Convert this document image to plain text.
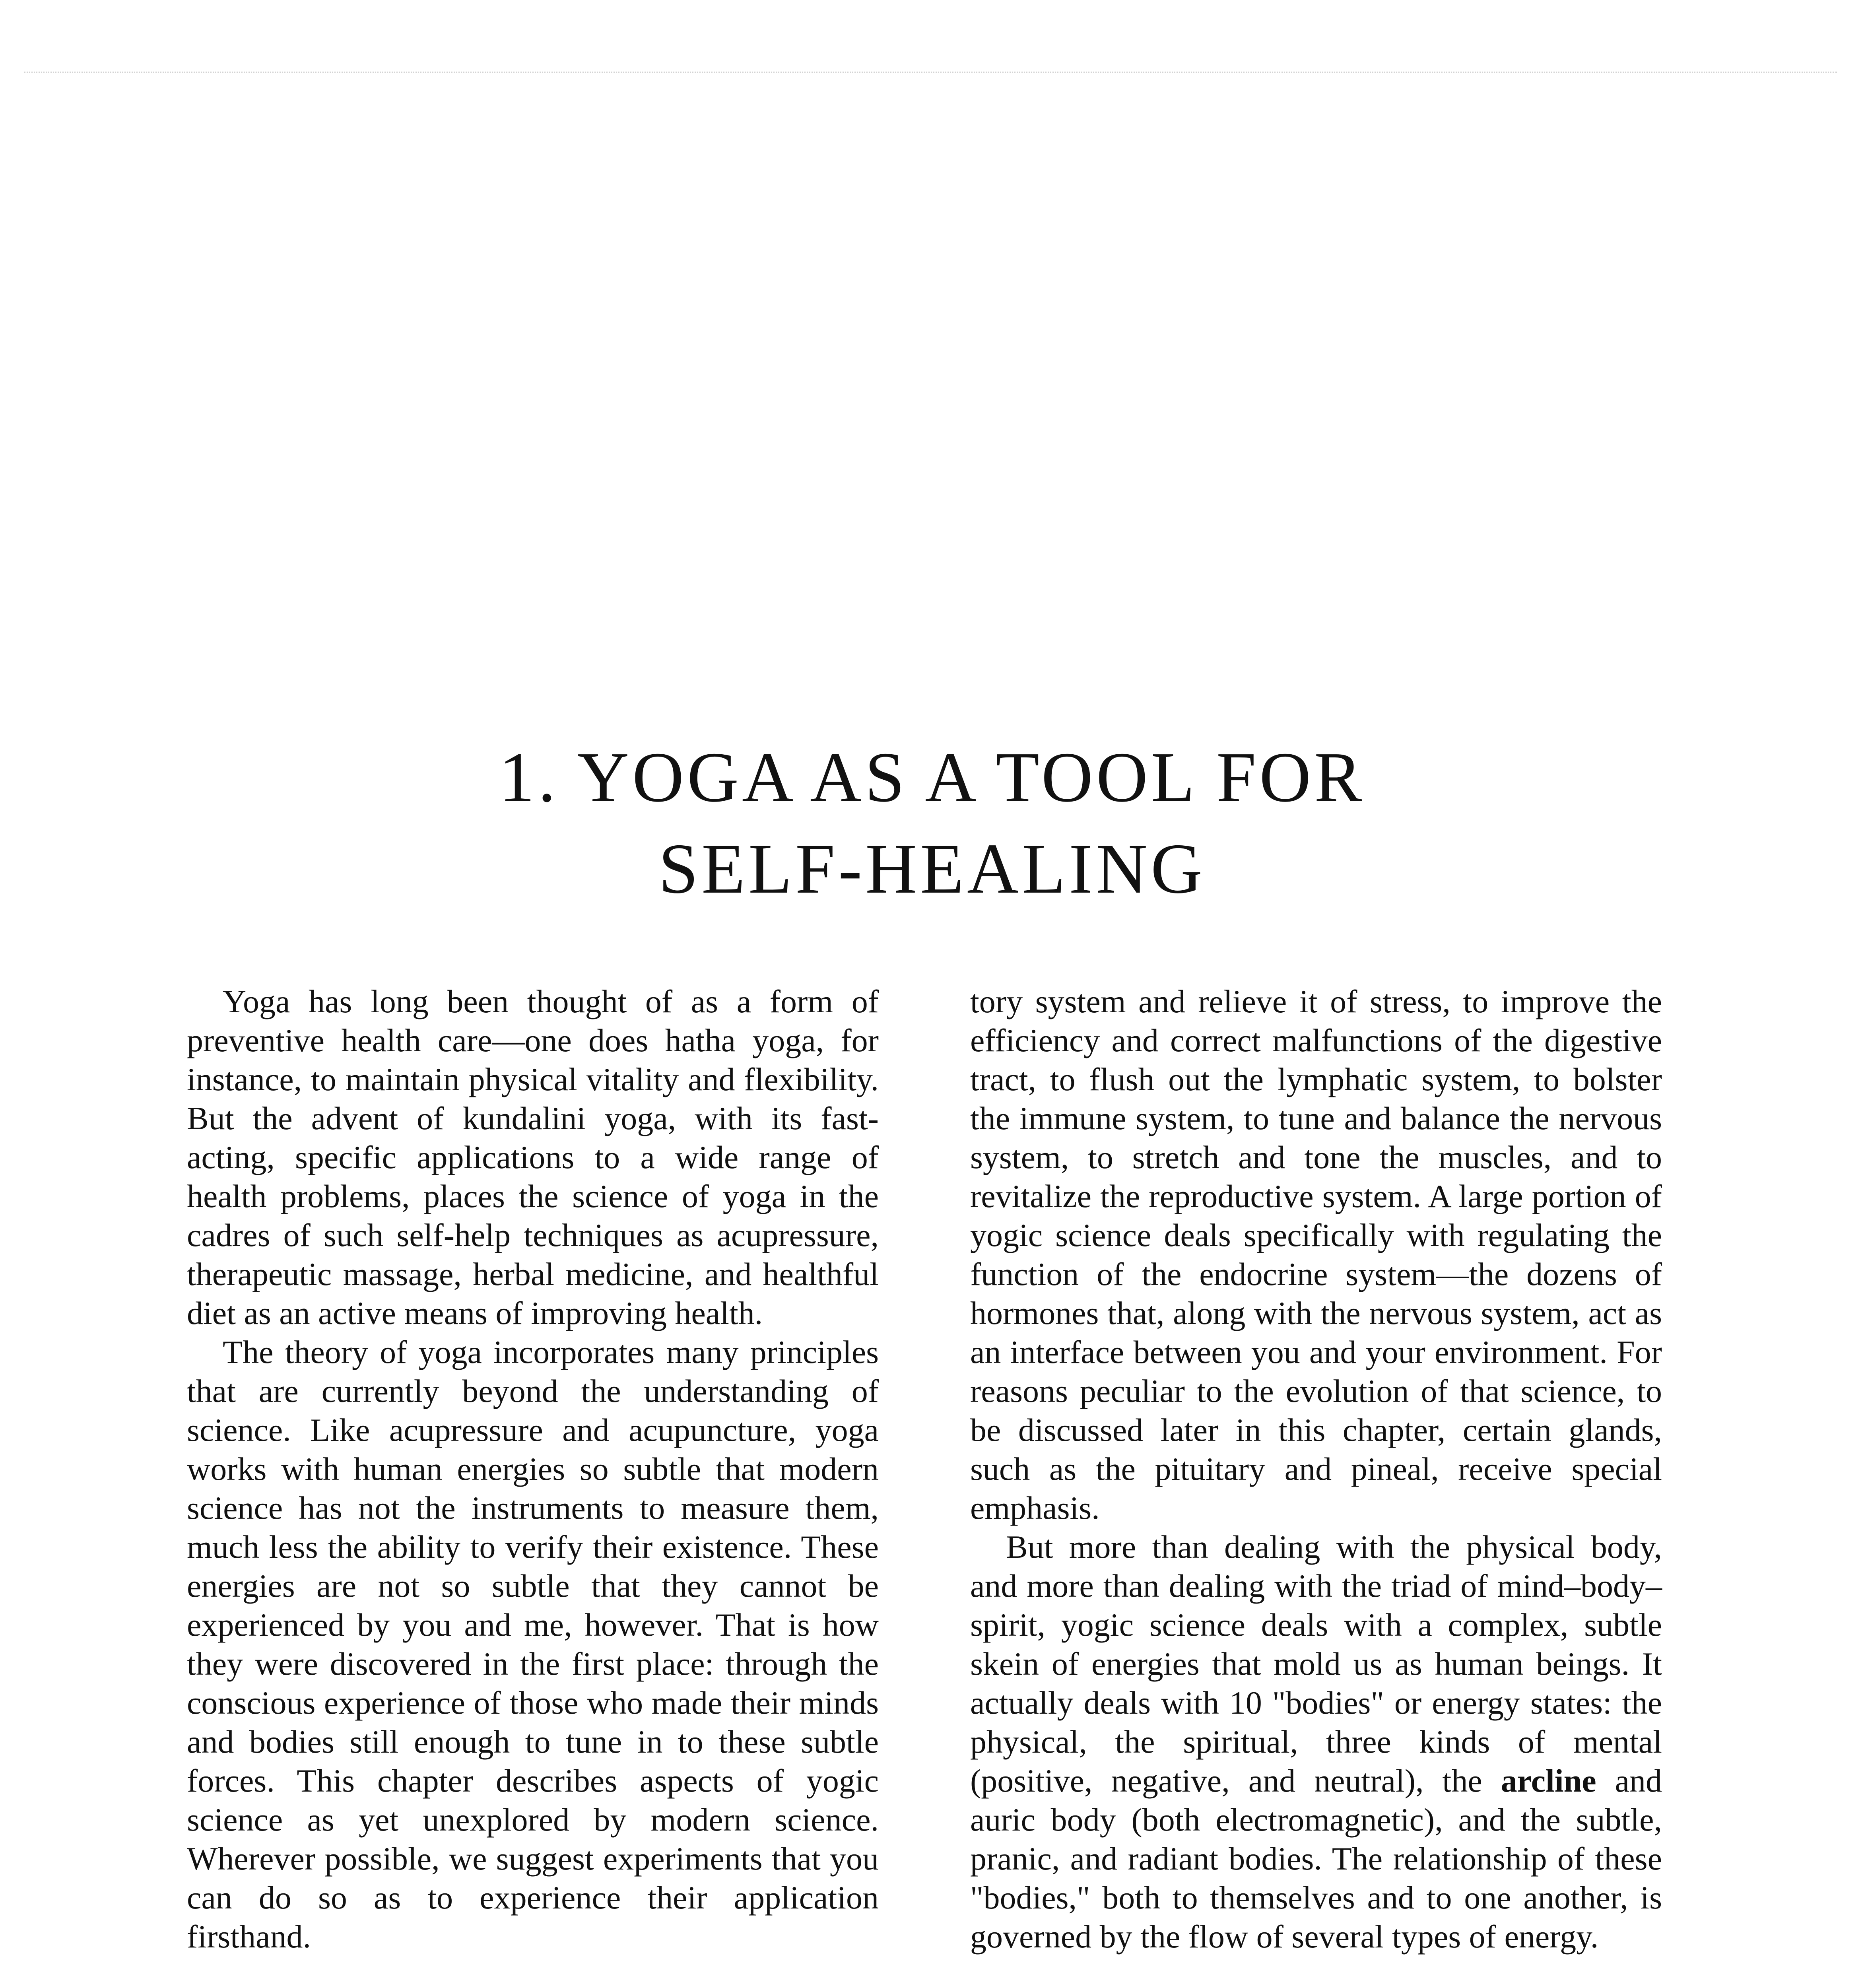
1. YOGA AS A TOOL FOR
SELF-HEALING

Yoga has long been thought of as a form of preventive health care—one does hatha yoga, for instance, to maintain physical vitality and flexibility. But the advent of kundalini yoga, with its fast-acting, specific applications to a wide range of health problems, places the science of yoga in the cadres of such self-help techniques as acupressure, therapeutic massage, herbal medicine, and healthful diet as an active means of improving health.

The theory of yoga incorporates many principles that are currently beyond the understanding of science. Like acupressure and acupuncture, yoga works with human energies so subtle that modern science has not the instruments to measure them, much less the ability to verify their existence. These energies are not so subtle that they cannot be experienced by you and me, however. That is how they were discovered in the first place: through the conscious experience of those who made their minds and bodies still enough to tune in to these subtle forces. This chapter describes aspects of yogic science as yet unexplored by modern science. Wherever possible, we suggest experiments that you can do so as to experience their application firsthand.

tory system and relieve it of stress, to improve the efficiency and correct malfunctions of the digestive tract, to flush out the lymphatic system, to bolster the immune system, to tune and balance the nervous system, to stretch and tone the muscles, and to revitalize the reproductive system. A large portion of yogic science deals specifically with regulating the function of the endocrine system—the dozens of hormones that, along with the nervous system, act as an interface between you and your environment. For reasons peculiar to the evolution of that science, to be discussed later in this chapter, certain glands, such as the pituitary and pineal, receive special emphasis.

But more than dealing with the physical body, and more than dealing with the triad of mind–body–spirit, yogic science deals with a complex, subtle skein of energies that mold us as human beings. It actually deals with 10 "bodies" or energy states: the physical, the spiritual, three kinds of mental (positive, negative, and neutral), the arcline and auric body (both electromagnetic), and the subtle, pranic, and radiant bodies. The relationship of these "bodies," both to themselves and to one another, is governed by the flow of several types of energy.
